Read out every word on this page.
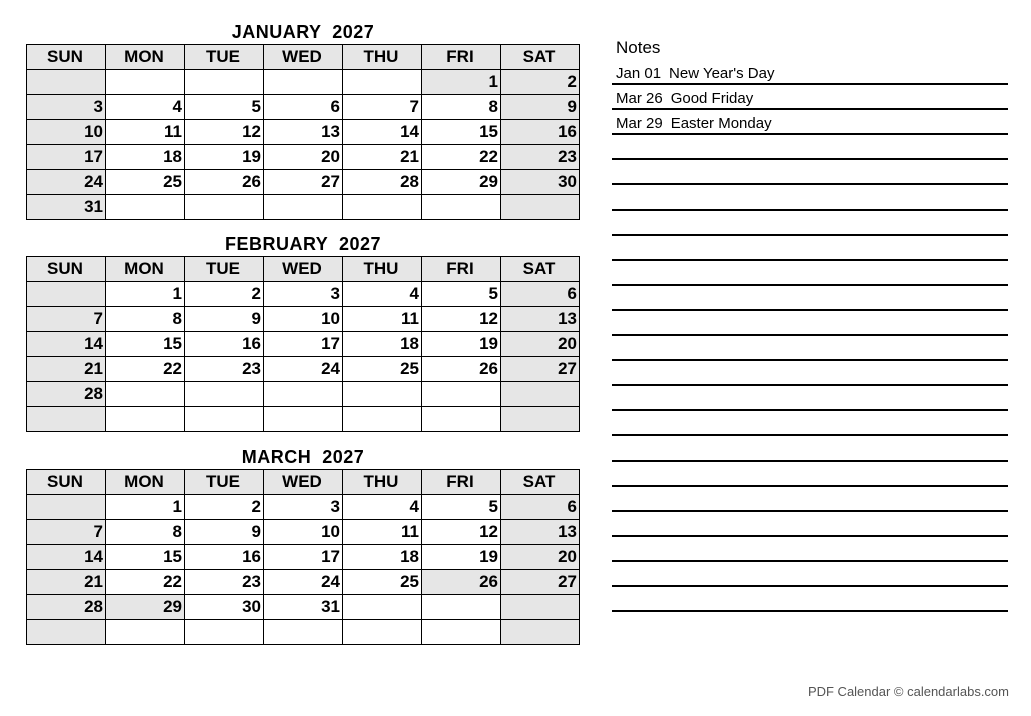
JANUARY  2027
SUN	MON	TUE	WED	THU	FRI	SAT
					1	2
3	4	5	6	7	8	9
10	11	12	13	14	15	16
17	18	19	20	21	22	23
24	25	26	27	28	29	30
31						
FEBRUARY  2027
SUN	MON	TUE	WED	THU	FRI	SAT
	1	2	3	4	5	6
7	8	9	10	11	12	13
14	15	16	17	18	19	20
21	22	23	24	25	26	27
28						

MARCH  2027
SUN	MON	TUE	WED	THU	FRI	SAT
	1	2	3	4	5	6
7	8	9	10	11	12	13
14	15	16	17	18	19	20
21	22	23	24	25	26	27
28	29	30	31			

Notes
Jan 01 New Year's Day
Mar 26 Good Friday
Mar 29 Easter Monday
PDF Calendar © calendarlabs.com
